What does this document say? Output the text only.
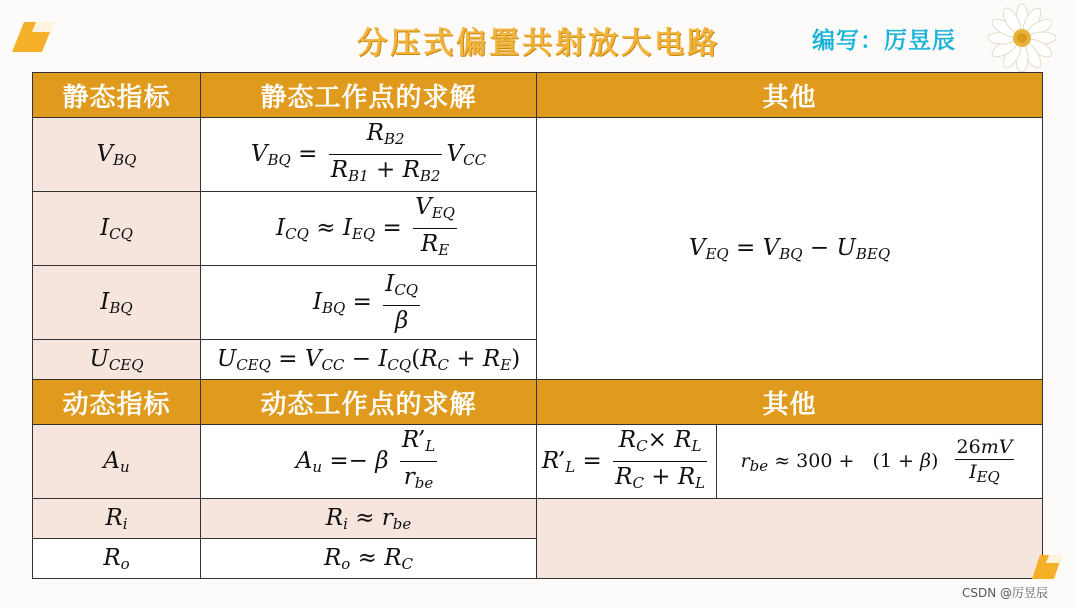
分压式偏置共射放大电路	编写：厉昱辰
静态指标	静态工作点的求解	其他	
$V_{BQ}$	$V_{BQ} = \frac{R_{B2}}{R_{B1} + R_{B2}} V_{CC}$	$V_{EQ} = V_{BQ} - U_{BEQ}$
$I_{CQ}$	$I_{CQ} \approx I_{EQ} = \frac{V_{EQ}}{R_E}$

$I_{BQ}$	$I_{BQ} = \frac{I_{CQ}}{\beta}$

$U_{CEQ}$	$U_{CEQ} = V_{CC} - I_{CQ}(R_C + R_E)$		
动态指标	动态工作点的求解	其他	
$A_u$	$A_u =- \beta \frac{R’_L}{r_{be}}$	$R’_L = \frac{R_C\times R_L}{R_C + R_L}$	$r_{be} \approx 300 + (1 + \beta) \frac{26mV}{I_{EQ}}$

$R_i$	$R_i \approx r_{be}$	
$R_o$	$R_o \approx R_C$
CSDN @厉昱辰
